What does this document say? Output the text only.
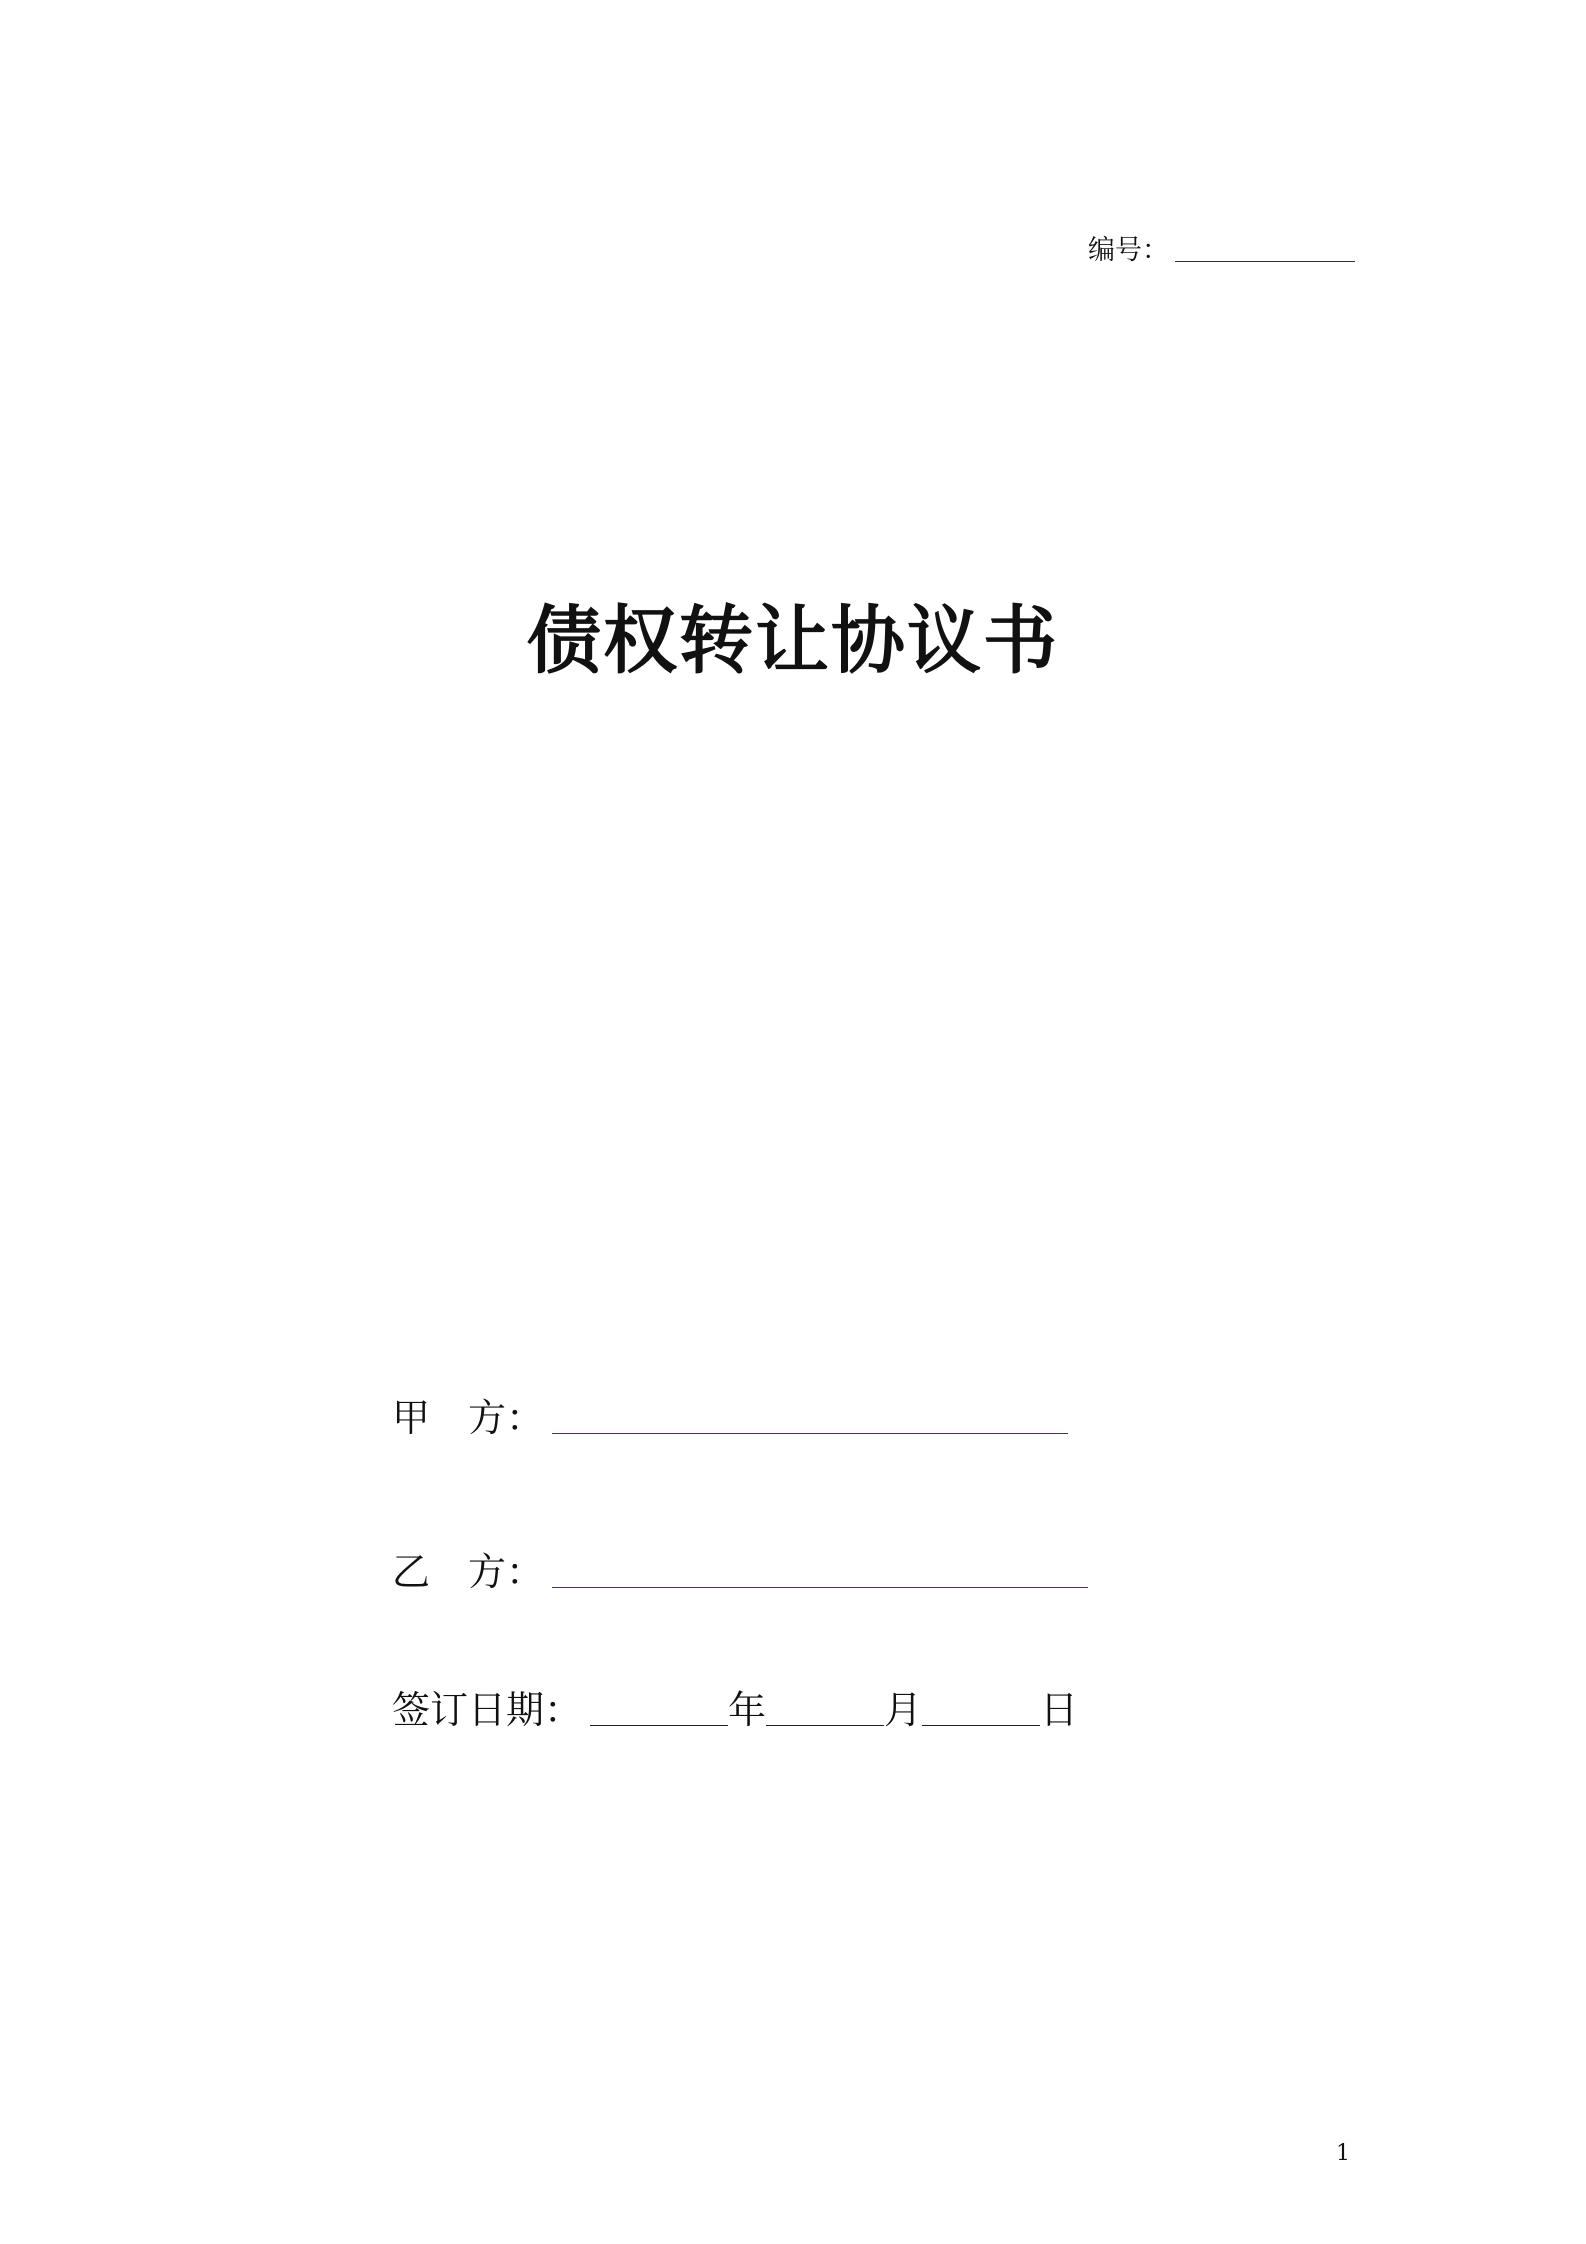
编号：
债权转让协议书
甲 方：
乙 方：
签订日期：	年	月	日
1
